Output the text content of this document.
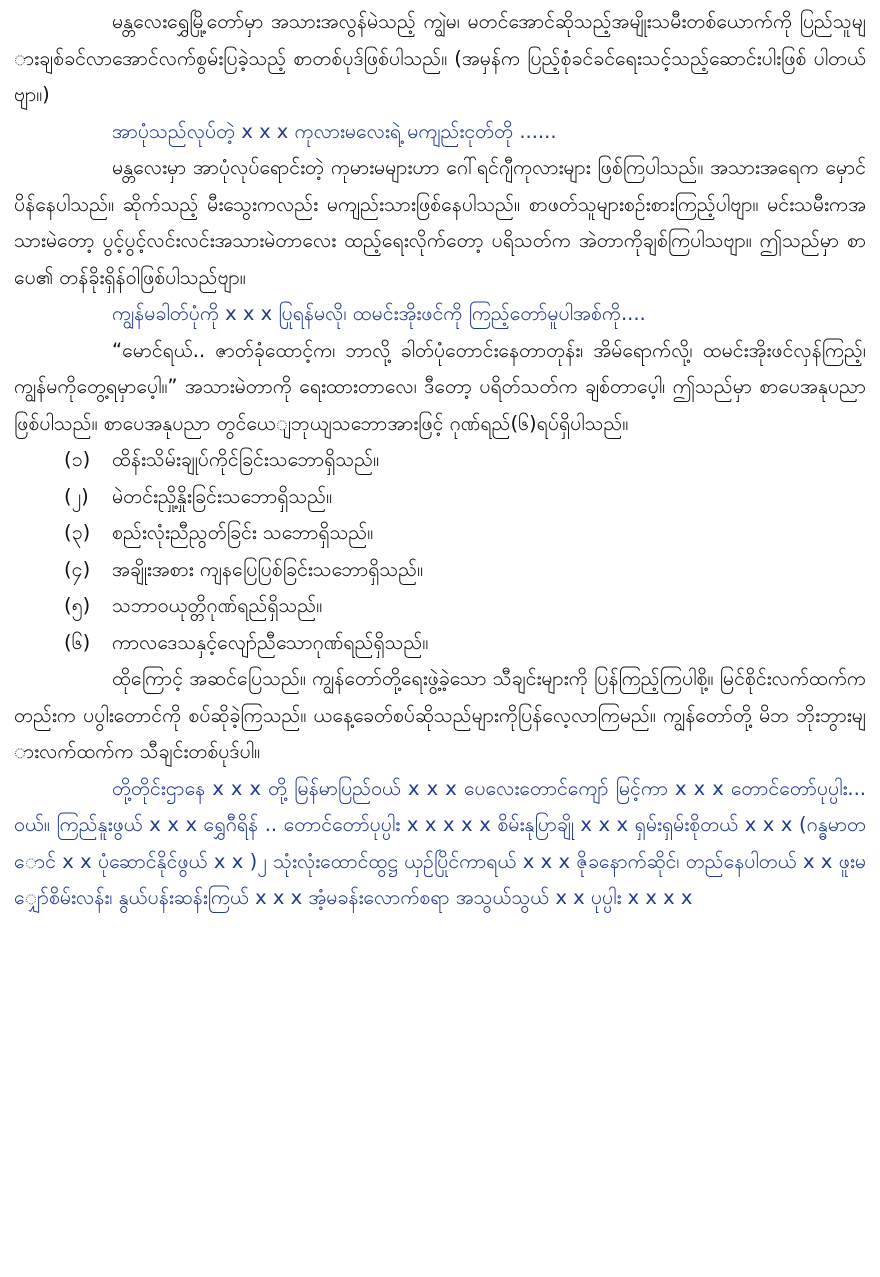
မန္တလေးရွှေမြို့တော်မှာ အသားအလွန်မဲသည့် ကျွဲမ၊ မတင်အောင်ဆိုသည့်အမျိုးသမီးတစ်ယောက်ကို ပြည်သူများချစ်ခင်လာအောင်လက်စွမ်းပြခဲ့သည့် စာတစ်ပုဒ်ဖြစ်ပါသည်။ (အမှန်က ပြည့်စုံခင်ခင်ရေးသင့်သည့်ဆောင်းပါးဖြစ် ပါတယ်ဗျာ။)

အာပုံသည်လုပ်တဲ့ x x x ကုလားမလေးရဲ့ မကျည်းငုတ်တို ......

မန္တလေးမှာ အာပုံလုပ်ရောင်းတဲ့ ကုမားမများဟာ ဂေါ်ရင်ဂျီကုလားများ ဖြစ်ကြပါသည်။ အသားအရေက မှောင်ပိန်နေပါသည်။ ဆိုက်သည့် မီးသွေးကလည်း မကျည်းသားဖြစ်နေပါသည်။ စာဖတ်သူများစဉ်းစားကြည့်ပါဗျာ။ မင်းသမီးကအသားမဲတော့ ပွင့်ပွင့်လင်းလင်းအသားမဲတာလေး ထည့်ရေးလိုက်တော့ ပရိသတ်က အဲတာကိုချစ်ကြပါသဗျာ။ ဤသည်မှာ စာပေ၏ တန်ခိုးရှိန်ဝါဖြစ်ပါသည်ဗျာ။

ကျွန်မခါတ်ပုံကို x x x ပြုရန်မလို၊ ထမင်းအိုးဖင်ကို ကြည့်တော်မူပါအစ်ကို....

“မောင်ရယ်.. ဇာတ်ခုံထောင့်က၊ ဘာလို့ ခါတ်ပုံတောင်းနေတာတုန်း၊ အိမ်ရောက်လို့၊ ထမင်းအိုးဖင်လှန်ကြည့်၊ ကျွန်မကိုတွေ့ရမှာပေ့ါ။” အသားမဲတာကို ရေးထားတာလေ၊ ဒီတော့ ပရိတ်သတ်က ချစ်တာပေ့ါ၊ ဤသည်မှာ စာပေအနုပညာဖြစ်ပါသည်။ စာပေအနုပညာ တွင်ယေျဘုယျသဘောအားဖြင့် ဂုဏ်ရည်(၆)ရပ်ရှိပါသည်။

(၁) ထိန်းသိမ်းချုပ်ကိုင်ခြင်းသဘောရှိသည်။
(၂) မဲတင်းညှို့နှိုးခြင်းသဘောရှိသည်။
(၃) စည်းလုံးညီညွတ်ခြင်း သဘောရှိသည်။
(၄) အချိုးအစား ကျနပြေပြစ်ခြင်းသဘောရှိသည်။
(၅) သဘာဝယုတ္တိဂုဏ်ရည်ရှိသည်။
(၆) ကာလဒေသနှင့်လျော်ညီသောဂုဏ်ရည်ရှိသည်။

ထိုကြောင့် အဆင်ပြေသည်။ ကျွန်တော်တို့ရေးဖွဲ့ခဲ့သော သီချင်းများကို ပြန်ကြည့်ကြပါစို့။ မြင်စိုင်းလက်ထက်ကတည်းက ပပွါးတောင်ကို စပ်ဆိုခဲ့ကြသည်။ ယနေ့ခေတ်စပ်ဆိုသည်များကိုပြန်လေ့လာကြမည်။ ကျွန်တော်တို့ မိဘ ဘိုးဘွားများလက်ထက်က သီချင်းတစ်ပုဒ်ပါ။

တို့တိုင်းဌာနေ x x x တို့ မြန်မာပြည်ဝယ် x x x ပေလေးတောင်ကျော် မြင့်ကာ x x x တောင်တော်ပုပ္ပါး... ဝယ်။ ကြည်နူးဖွယ် x x x ရွှေဂီရိန် .. တောင်တော်ပုပ္ပါး x x x x x စိမ်းနုပြာချို x x x ရှမ်းရှမ်းစိုတယ် x x x (ဂန္ဓမာတောင် x x ပုံဆောင်နိုင်ဖွယ် x x )၂ သုံးလုံးထောင်ထွဋ္ဌ ယှဉ်ပြိုင်ကာရယ် x x x ဇိုခနောက်ဆိုင်၊ တည်နေပါတယ် x x ဖူးမျှော်စိမ်းလန်း၊ နွယ်ပန်းဆန်းကြယ် x x x အံ့မခန်းလောက်စရာ အသွယ်သွယ် x x ပုပ္ပါး x x x x
